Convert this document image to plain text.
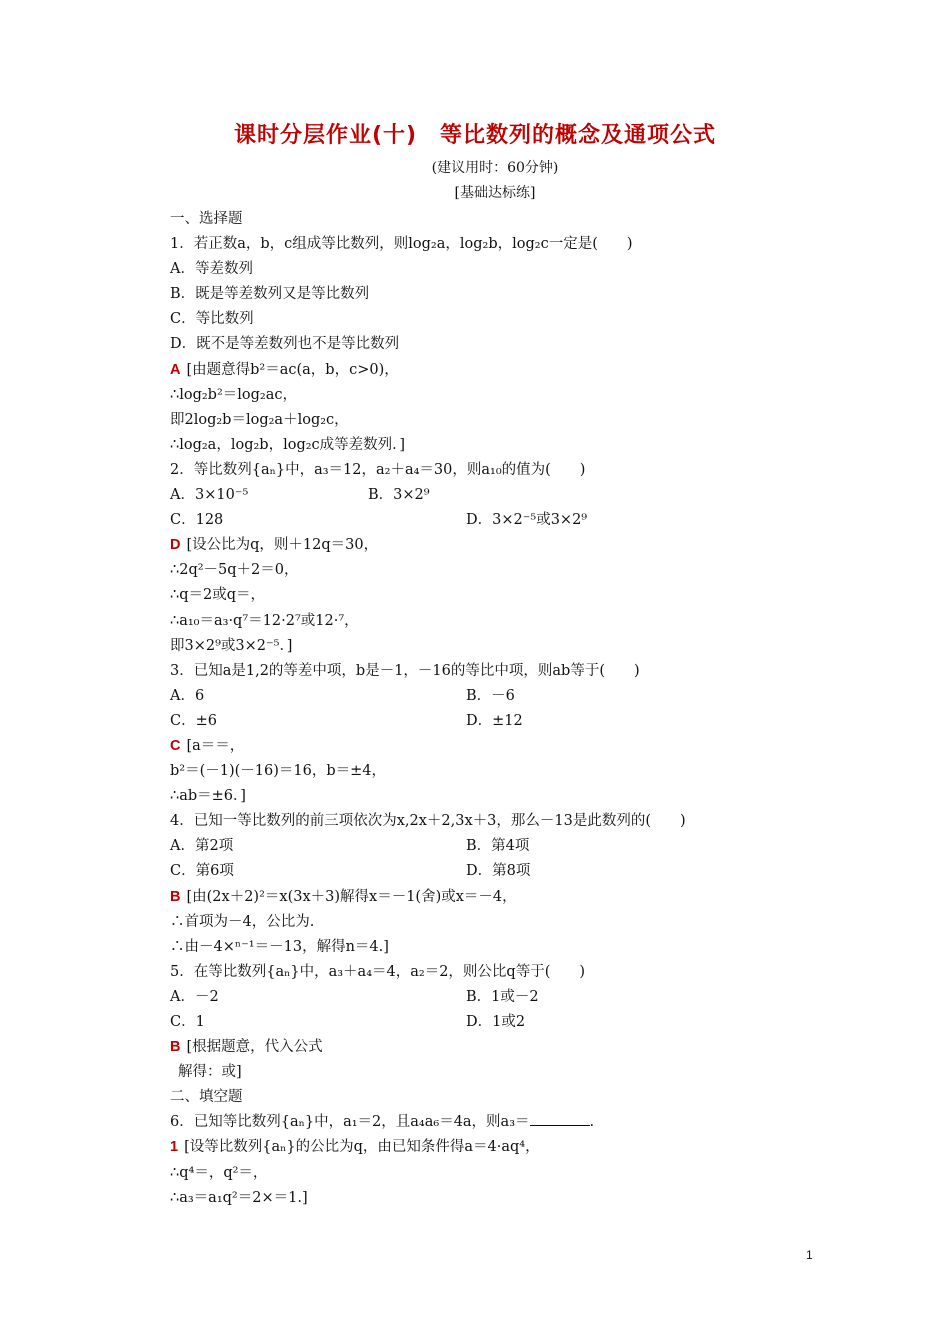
课时分层作业(十)　等比数列的概念及通项公式
(建议用时：60分钟)
[基础达标练]
一、选择题
1．若正数a，b，c组成等比数列，则log₂a，log₂b，log₂c一定是(　　)
A．等差数列
B．既是等差数列又是等比数列
C．等比数列
D．既不是等差数列也不是等比数列
A [由题意得b²＝ac(a，b，c>0)，
∴log₂b²＝log₂ac，
即2log₂b＝log₂a＋log₂c，
∴log₂a，log₂b，log₂c成等差数列．]
2．等比数列{aₙ}中，a₃＝12，a₂＋a₄＝30，则a₁₀的值为(　　)
A．3×10⁻⁵	B．3×2⁹
C．128	D．3×2⁻⁵或3×2⁹
D [设公比为q，则＋12q＝30，
∴2q²－5q＋2＝0，
∴q＝2或q＝，
∴a₁₀＝a₃·q⁷＝12·2⁷或12·⁷，
即3×2⁹或3×2⁻⁵．]
3．已知a是1,2的等差中项，b是－1，－16的等比中项，则ab等于(　　)
A．6	B．－6
C．±6	D．±12
C [a＝＝，
b²＝(－1)(－16)＝16，b＝±4，
∴ab＝±6．]
4．已知一等比数列的前三项依次为x,2x＋2,3x＋3，那么－13是此数列的(　　)
A．第2项	B．第4项
C．第6项	D．第8项
B [由(2x＋2)²＝x(3x＋3)解得x＝－1(舍)或x＝－4，
∴首项为－4，公比为.
∴由－4×ⁿ⁻¹＝－13，解得n＝4.]
5．在等比数列{aₙ}中，a₃＋a₄＝4，a₂＝2，则公比q等于(　　)
A．－2	B．1或－2
C．1	D．1或2
B [根据题意，代入公式
解得：或]
二、填空题
6．已知等比数列{aₙ}中，a₁＝2，且a₄a₆＝4a，则a₃＝	.
1 [设等比数列{aₙ}的公比为q，由已知条件得a＝4·aq⁴，
∴q⁴＝，q²＝，
∴a₃＝a₁q²＝2×＝1.]
1
